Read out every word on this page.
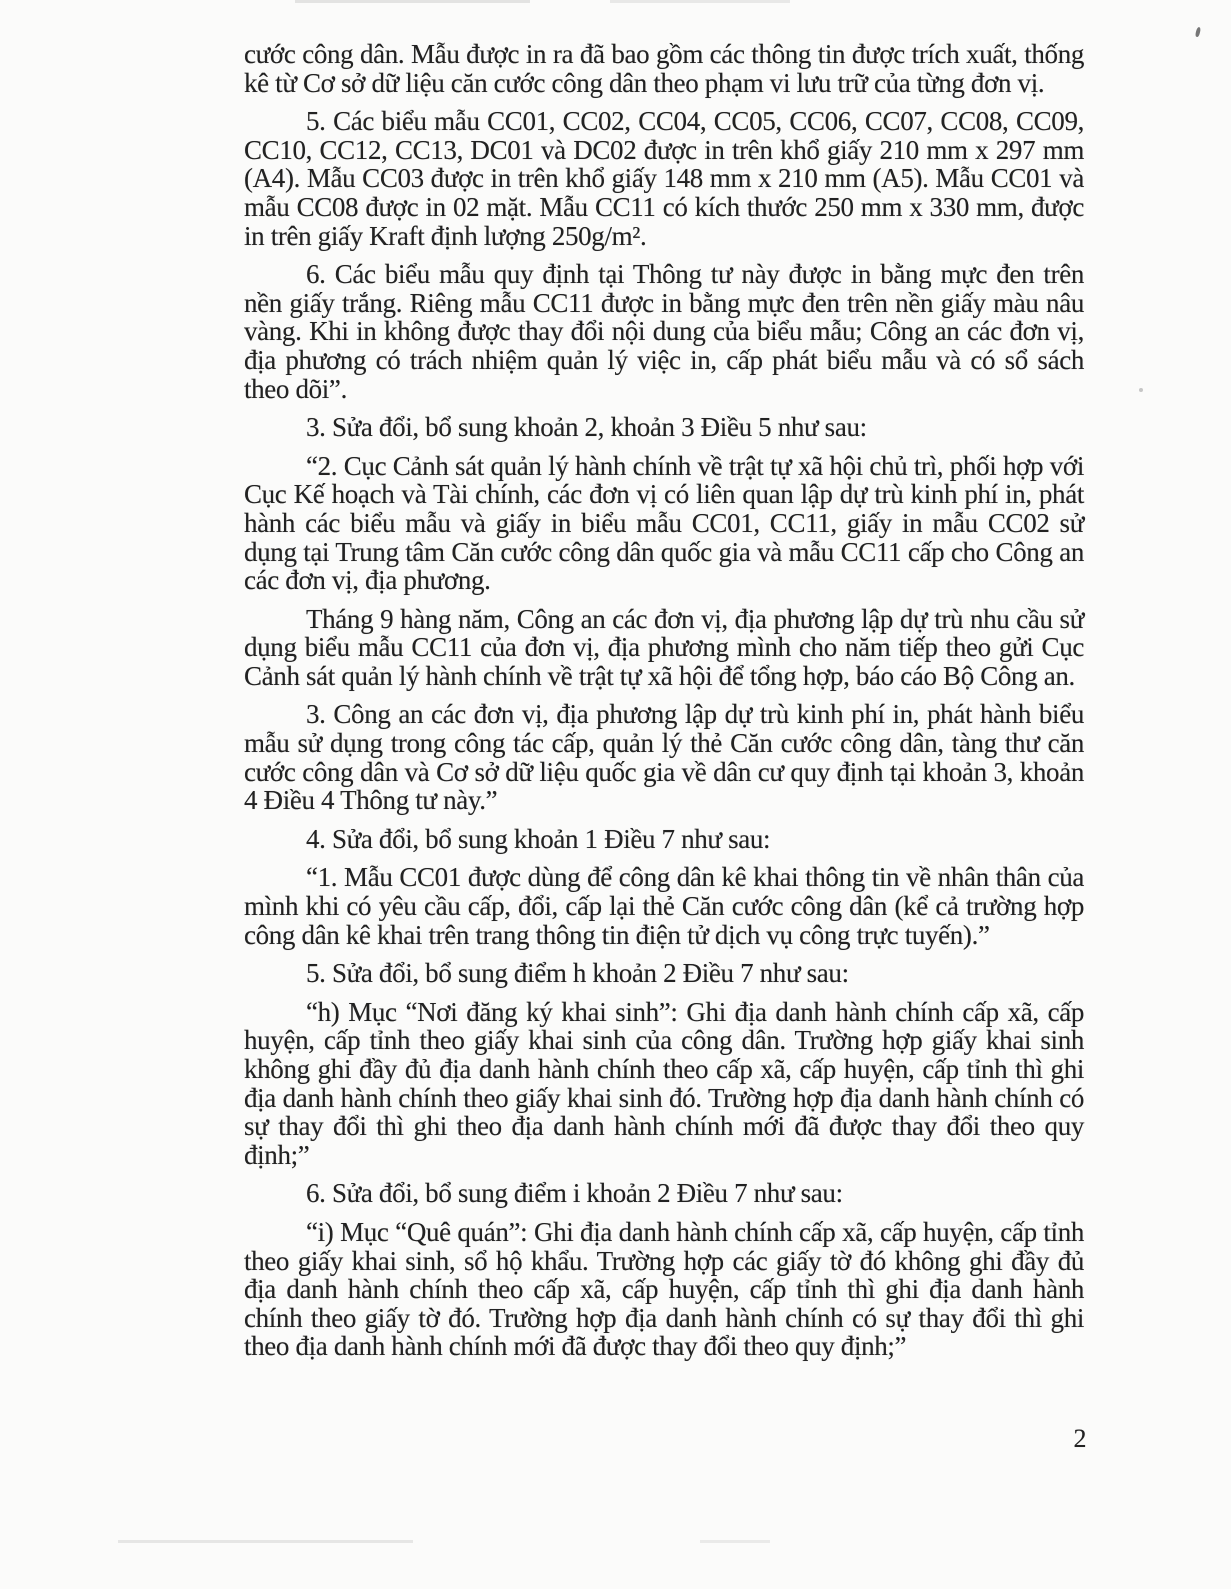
cước công dân. Mẫu được in ra đã bao gồm các thông tin được trích xuất, thống kê từ Cơ sở dữ liệu căn cước công dân theo phạm vi lưu trữ của từng đơn vị.

5. Các biểu mẫu CC01, CC02, CC04, CC05, CC06, CC07, CC08, CC09, CC10, CC12, CC13, DC01 và DC02 được in trên khổ giấy 210 mm x 297 mm (A4). Mẫu CC03 được in trên khổ giấy 148 mm x 210 mm (A5). Mẫu CC01 và mẫu CC08 được in 02 mặt. Mẫu CC11 có kích thước 250 mm x 330 mm, được in trên giấy Kraft định lượng 250g/m².

6. Các biểu mẫu quy định tại Thông tư này được in bằng mực đen trên nền giấy trắng. Riêng mẫu CC11 được in bằng mực đen trên nền giấy màu nâu vàng. Khi in không được thay đổi nội dung của biểu mẫu; Công an các đơn vị, địa phương có trách nhiệm quản lý việc in, cấp phát biểu mẫu và có sổ sách theo dõi”.

3. Sửa đổi, bổ sung khoản 2, khoản 3 Điều 5 như sau:

“2. Cục Cảnh sát quản lý hành chính về trật tự xã hội chủ trì, phối hợp với Cục Kế hoạch và Tài chính, các đơn vị có liên quan lập dự trù kinh phí in, phát hành các biểu mẫu và giấy in biểu mẫu CC01, CC11, giấy in mẫu CC02 sử dụng tại Trung tâm Căn cước công dân quốc gia và mẫu CC11 cấp cho Công an các đơn vị, địa phương.

Tháng 9 hàng năm, Công an các đơn vị, địa phương lập dự trù nhu cầu sử dụng biểu mẫu CC11 của đơn vị, địa phương mình cho năm tiếp theo gửi Cục Cảnh sát quản lý hành chính về trật tự xã hội để tổng hợp, báo cáo Bộ Công an.

3. Công an các đơn vị, địa phương lập dự trù kinh phí in, phát hành biểu mẫu sử dụng trong công tác cấp, quản lý thẻ Căn cước công dân, tàng thư căn cước công dân và Cơ sở dữ liệu quốc gia về dân cư quy định tại khoản 3, khoản 4 Điều 4 Thông tư này.”

4. Sửa đổi, bổ sung khoản 1 Điều 7 như sau:

“1. Mẫu CC01 được dùng để công dân kê khai thông tin về nhân thân của mình khi có yêu cầu cấp, đổi, cấp lại thẻ Căn cước công dân (kể cả trường hợp công dân kê khai trên trang thông tin điện tử dịch vụ công trực tuyến).”

5. Sửa đổi, bổ sung điểm h khoản 2 Điều 7 như sau:

“h) Mục “Nơi đăng ký khai sinh”: Ghi địa danh hành chính cấp xã, cấp huyện, cấp tỉnh theo giấy khai sinh của công dân. Trường hợp giấy khai sinh không ghi đầy đủ địa danh hành chính theo cấp xã, cấp huyện, cấp tỉnh thì ghi địa danh hành chính theo giấy khai sinh đó. Trường hợp địa danh hành chính có sự thay đổi thì ghi theo địa danh hành chính mới đã được thay đổi theo quy định;”

6. Sửa đổi, bổ sung điểm i khoản 2 Điều 7 như sau:

“i) Mục “Quê quán”: Ghi địa danh hành chính cấp xã, cấp huyện, cấp tỉnh theo giấy khai sinh, sổ hộ khẩu. Trường hợp các giấy tờ đó không ghi đầy đủ địa danh hành chính theo cấp xã, cấp huyện, cấp tỉnh thì ghi địa danh hành chính theo giấy tờ đó. Trường hợp địa danh hành chính có sự thay đổi thì ghi theo địa danh hành chính mới đã được thay đổi theo quy định;”

2
